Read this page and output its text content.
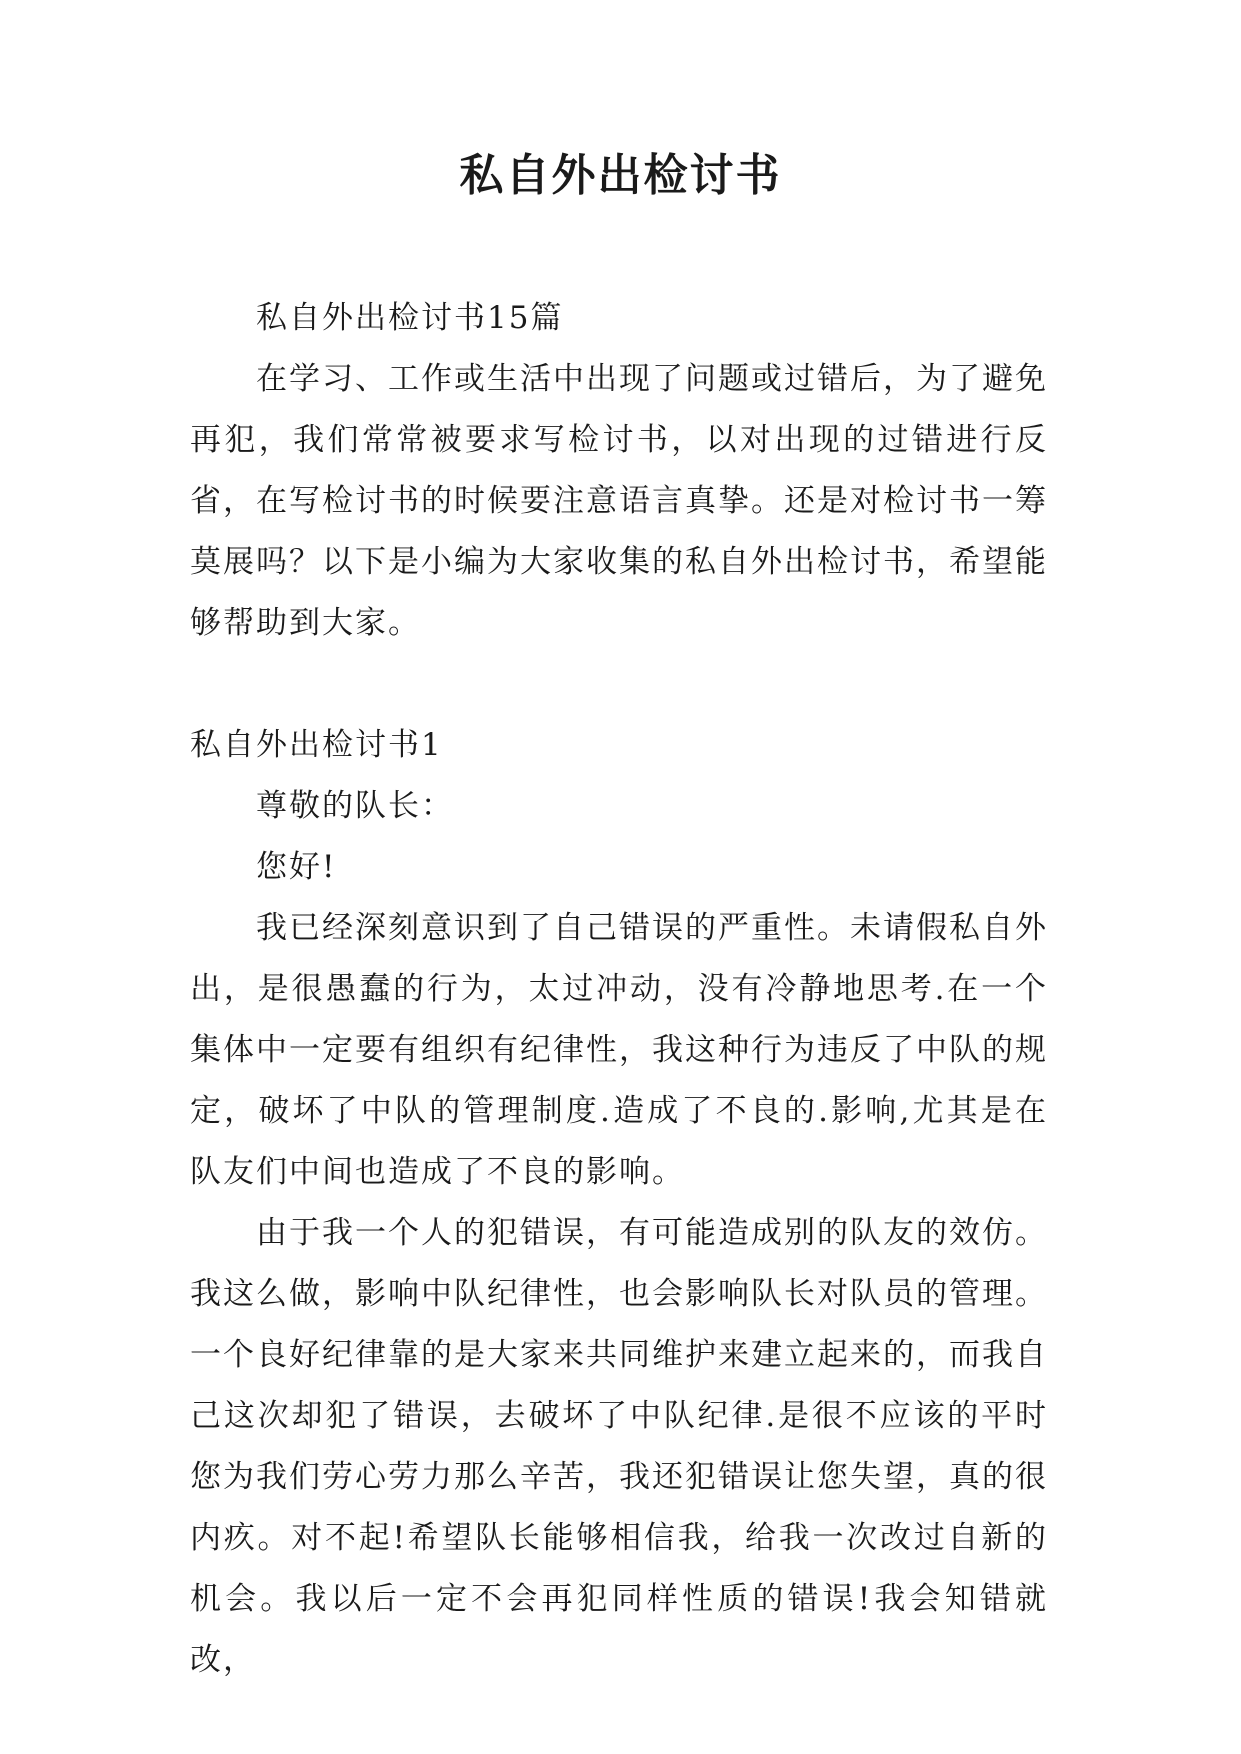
私自外出检讨书

私自外出检讨书15篇

在学习、工作或生活中出现了问题或过错后，为了避免再犯，我们常常被要求写检讨书，以对出现的过错进行反省，在写检讨书的时候要注意语言真挚。还是对检讨书一筹莫展吗？以下是小编为大家收集的私自外出检讨书，希望能够帮助到大家。

私自外出检讨书1

尊敬的队长：

您好!

我已经深刻意识到了自己错误的严重性。未请假私自外出，是很愚蠢的行为，太过冲动，没有冷静地思考.在一个集体中一定要有组织有纪律性，我这种行为违反了中队的规定，破坏了中队的管理制度.造成了不良的.影响,尤其是在队友们中间也造成了不良的影响。

由于我一个人的犯错误，有可能造成别的队友的效仿。我这么做，影响中队纪律性，也会影响队长对队员的管理。一个良好纪律靠的是大家来共同维护来建立起来的，而我自己这次却犯了错误，去破坏了中队纪律.是很不应该的平时您为我们劳心劳力那么辛苦，我还犯错误让您失望，真的很内疚。对不起!希望队长能够相信我，给我一次改过自新的机会。我以后一定不会再犯同样性质的错误!我会知错就改，
